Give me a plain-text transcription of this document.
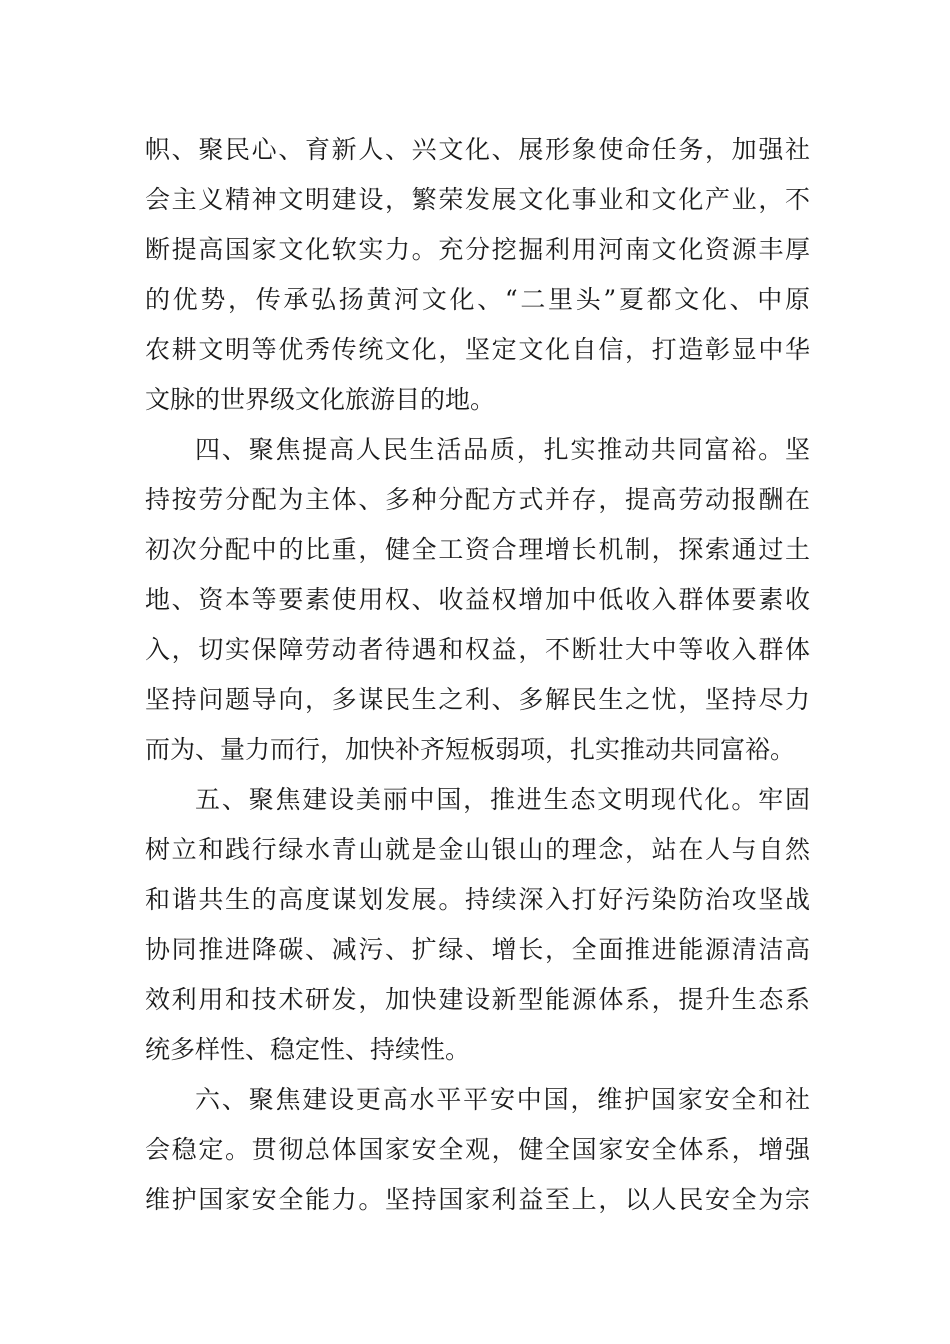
帜、聚民心、育新人、兴文化、展形象使命任务，加强社
会主义精神文明建设，繁荣发展文化事业和文化产业，不
断提高国家文化软实力。充分挖掘利用河南文化资源丰厚
的优势，传承弘扬黄河文化、“二里头”夏都文化、中原
农耕文明等优秀传统文化，坚定文化自信，打造彰显中华
文脉的世界级文化旅游目的地。
四、聚焦提高人民生活品质，扎实推动共同富裕。坚
持按劳分配为主体、多种分配方式并存，提高劳动报酬在
初次分配中的比重，健全工资合理增长机制，探索通过土
地、资本等要素使用权、收益权增加中低收入群体要素收
入，切实保障劳动者待遇和权益，不断壮大中等收入群体
坚持问题导向，多谋民生之利、多解民生之忧，坚持尽力
而为、量力而行，加快补齐短板弱项，扎实推动共同富裕。
五、聚焦建设美丽中国，推进生态文明现代化。牢固
树立和践行绿水青山就是金山银山的理念，站在人与自然
和谐共生的高度谋划发展。持续深入打好污染防治攻坚战
协同推进降碳、减污、扩绿、增长，全面推进能源清洁高
效利用和技术研发，加快建设新型能源体系，提升生态系
统多样性、稳定性、持续性。
六、聚焦建设更高水平平安中国，维护国家安全和社
会稳定。贯彻总体国家安全观，健全国家安全体系，增强
维护国家安全能力。坚持国家利益至上，以人民安全为宗
